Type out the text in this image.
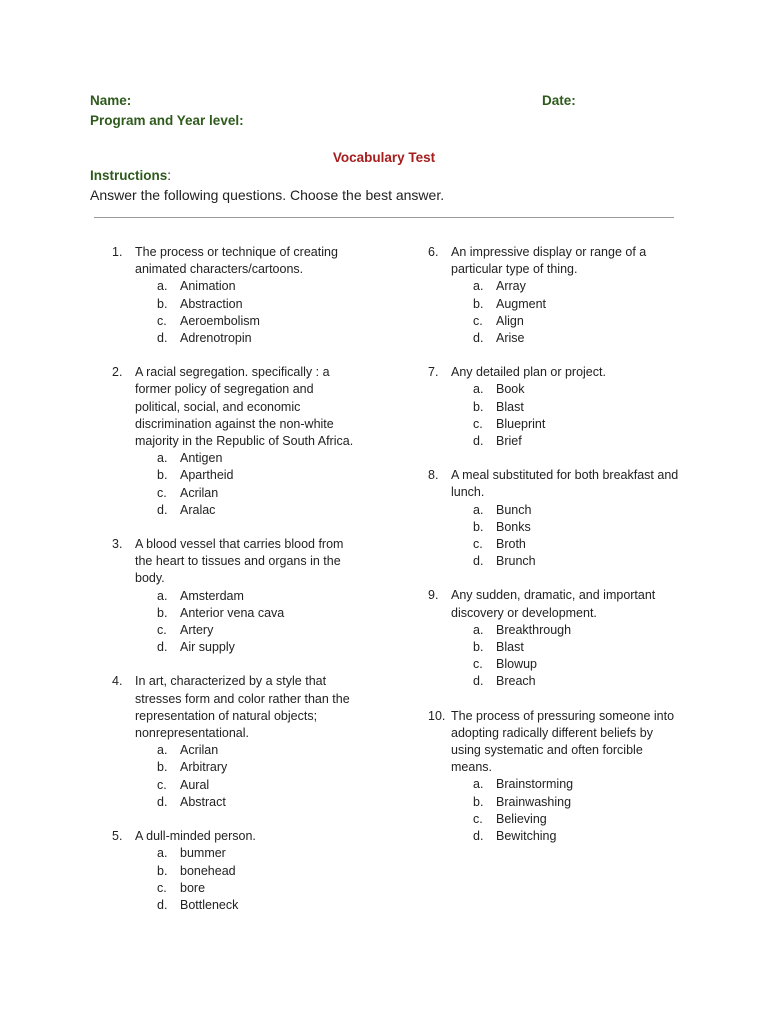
Name:	Date:
Program and Year level:
Vocabulary Test
Instructions:
Answer the following questions. Choose the best answer.
1.	The process or technique of creating animated characters/cartoons.
a. Animation
b. Abstraction
c. Aeroembolism
d. Adrenotropin
2.	A racial segregation. specifically : a former policy of segregation and political, social, and economic discrimination against the non-white majority in the Republic of South Africa.
a. Antigen
b. Apartheid
c. Acrilan
d. Aralac
3.	A blood vessel that carries blood from the heart to tissues and organs in the body.
a. Amsterdam
b. Anterior vena cava
c. Artery
d. Air supply
4.	In art, characterized by a style that stresses form and color rather than the representation of natural objects; nonrepresentational.
a. Acrilan
b. Arbitrary
c. Aural
d. Abstract
5.	A dull-minded person.
a. bummer
b. bonehead
c. bore
d. Bottleneck
6.	An impressive display or range of a particular type of thing.
a. Array
b. Augment
c. Align
d. Arise
7.	Any detailed plan or project.
a. Book
b. Blast
c. Blueprint
d. Brief
8.	A meal substituted for both breakfast and lunch.
a. Bunch
b. Bonks
c. Broth
d. Brunch
9.	Any sudden, dramatic, and important discovery or development.
a. Breakthrough
b. Blast
c. Blowup
d. Breach
10. The process of pressuring someone into adopting radically different beliefs by using systematic and often forcible means.
a. Brainstorming
b. Brainwashing
c. Believing
d. Bewitching
